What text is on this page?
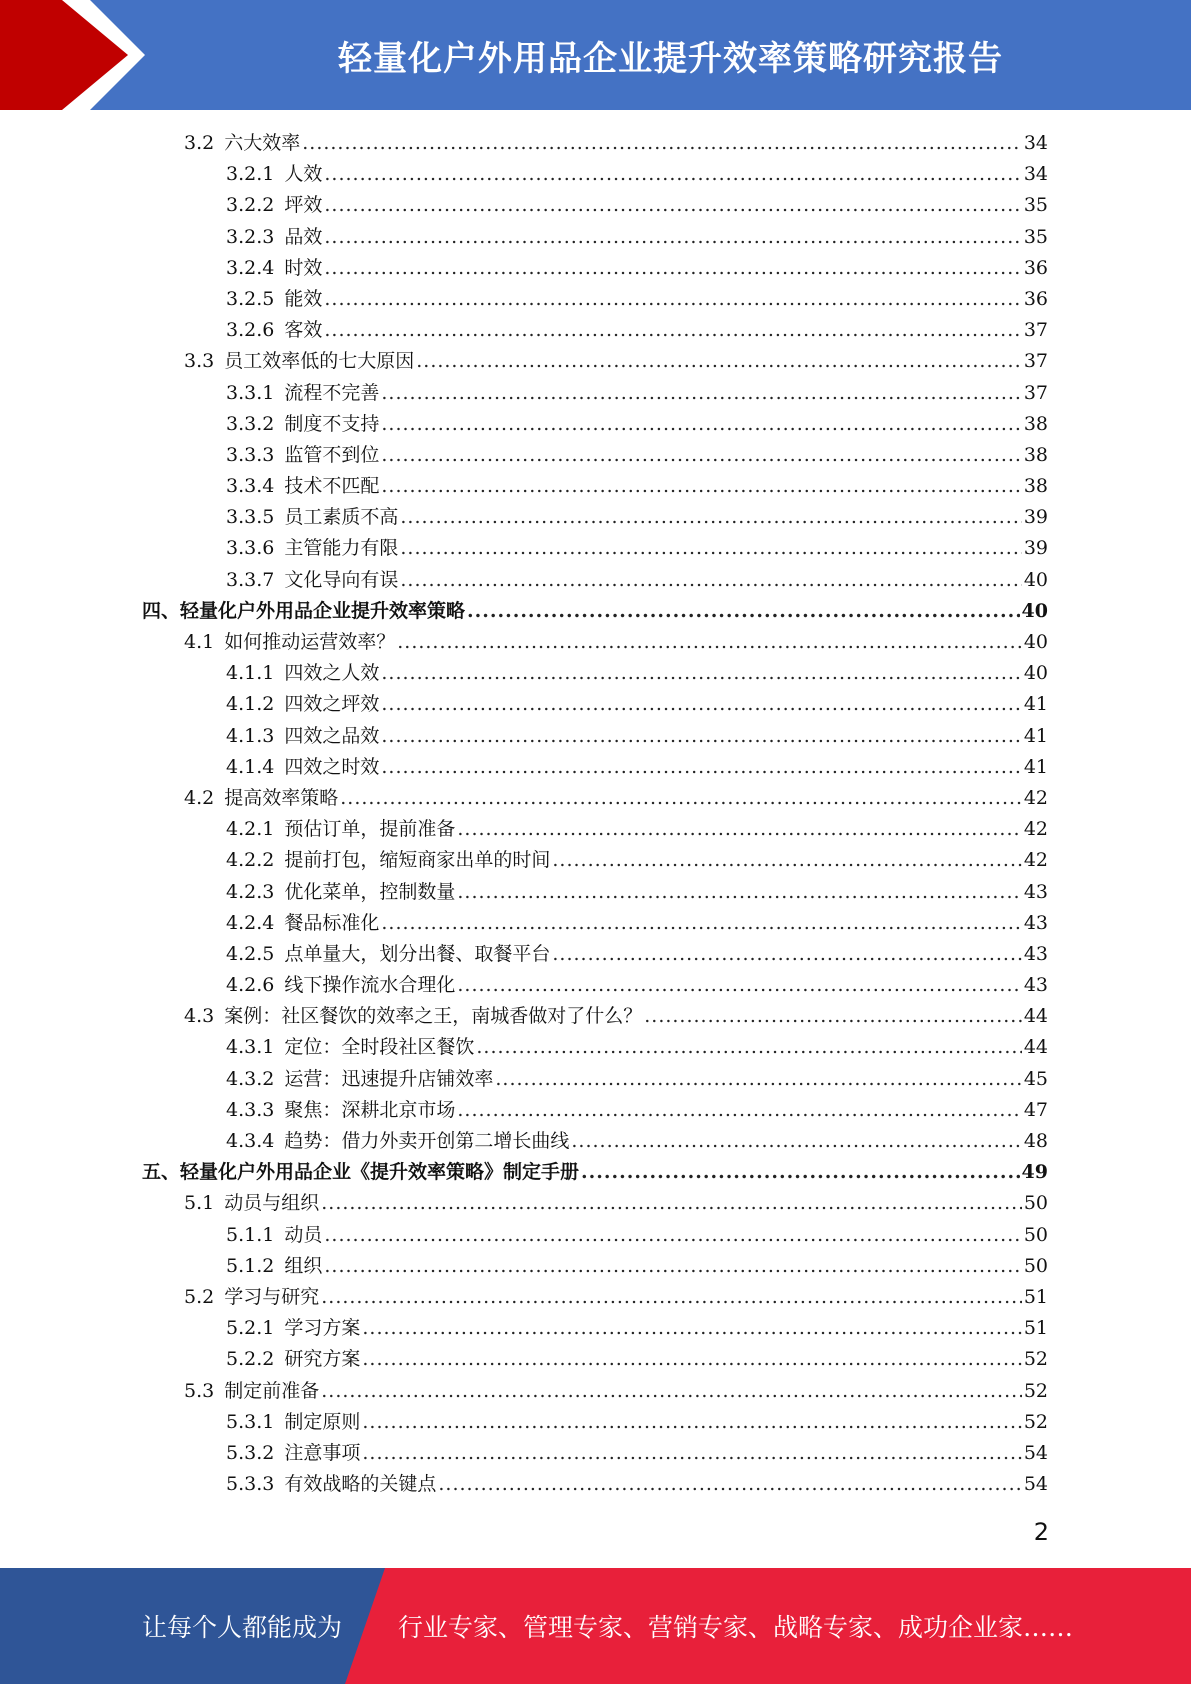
轻量化户外用品企业提升效率策略研究报告
3.2 六大效率 .....	34
3.2.1 人效 .....	34
3.2.2 坪效 .....	35
3.2.3 品效 .....	35
3.2.4 时效 .....	36
3.2.5 能效 .....	36
3.2.6 客效 .....	37
3.3 员工效率低的七大原因 .....	37
3.3.1 流程不完善 .....	37
3.3.2 制度不支持 .....	38
3.3.3 监管不到位 .....	38
3.3.4 技术不匹配 .....	38
3.3.5 员工素质不高 .....	39
3.3.6 主管能力有限 .....	39
3.3.7 文化导向有误 .....	40
四、轻量化户外用品企业提升效率策略 .....	40
4.1 如何推动运营效率？ .....	40
4.1.1 四效之人效 .....	40
4.1.2 四效之坪效 .....	41
4.1.3 四效之品效 .....	41
4.1.4 四效之时效 .....	41
4.2 提高效率策略 .....	42
4.2.1 预估订单，提前准备 .....	42
4.2.2 提前打包，缩短商家出单的时间 .....	42
4.2.3 优化菜单，控制数量 .....	43
4.2.4 餐品标准化 .....	43
4.2.5 点单量大，划分出餐、取餐平台 .....	43
4.2.6 线下操作流水合理化 .....	43
4.3 案例：社区餐饮的效率之王，南城香做对了什么？ .....	44
4.3.1 定位：全时段社区餐饮 .....	44
4.3.2 运营：迅速提升店铺效率 .....	45
4.3.3 聚焦：深耕北京市场 .....	47
4.3.4 趋势：借力外卖开创第二增长曲线 .....	48
五、轻量化户外用品企业《提升效率策略》制定手册 .....	49
5.1 动员与组织 .....	50
5.1.1 动员 .....	50
5.1.2 组织 .....	50
5.2 学习与研究 .....	51
5.2.1 学习方案 .....	51
5.2.2 研究方案 .....	52
5.3 制定前准备 .....	52
5.3.1 制定原则 .....	52
5.3.2 注意事项 .....	54
5.3.3 有效战略的关键点 .....	54
2
让每个人都能成为 行业专家、管理专家、营销专家、战略专家、成功企业家……
